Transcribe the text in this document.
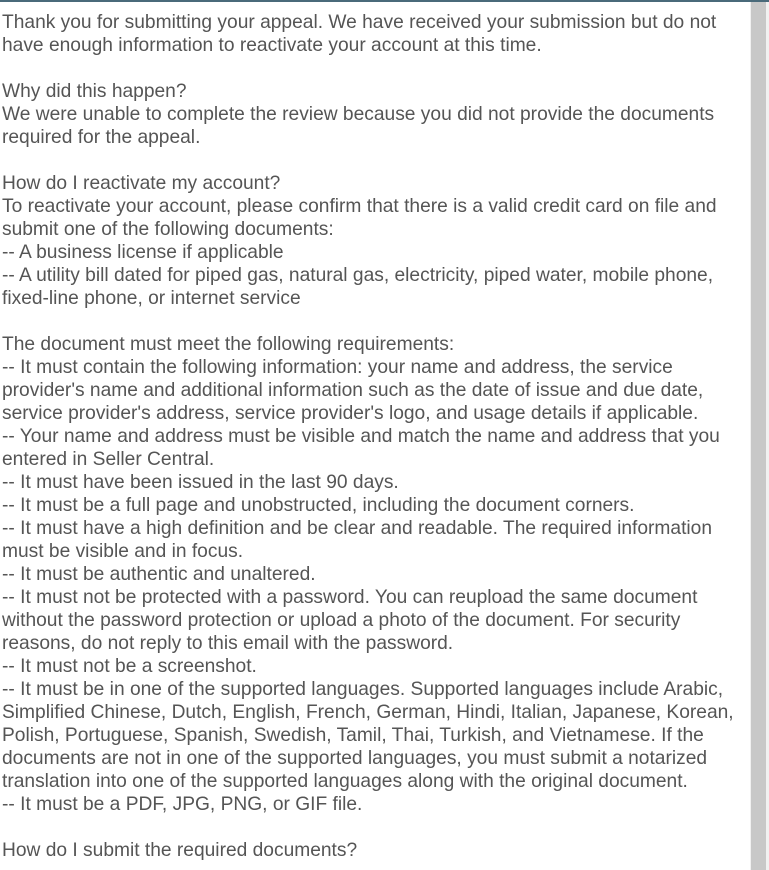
Thank you for submitting your appeal. We have received your submission but do not have enough information to reactivate your account at this time.

Why did this happen?
We were unable to complete the review because you did not provide the documents required for the appeal.

How do I reactivate my account?
To reactivate your account, please confirm that there is a valid credit card on file and submit one of the following documents:
-- A business license if applicable
-- A utility bill dated for piped gas, natural gas, electricity, piped water, mobile phone, fixed-line phone, or internet service

The document must meet the following requirements:
-- It must contain the following information: your name and address, the service provider's name and additional information such as the date of issue and due date, service provider's address, service provider's logo, and usage details if applicable.
-- Your name and address must be visible and match the name and address that you entered in Seller Central.
-- It must have been issued in the last 90 days.
-- It must be a full page and unobstructed, including the document corners.
-- It must have a high definition and be clear and readable. The required information must be visible and in focus.
-- It must be authentic and unaltered.
-- It must not be protected with a password. You can reupload the same document without the password protection or upload a photo of the document. For security reasons, do not reply to this email with the password.
-- It must not be a screenshot.
-- It must be in one of the supported languages. Supported languages include Arabic, Simplified Chinese, Dutch, English, French, German, Hindi, Italian, Japanese, Korean, Polish, Portuguese, Spanish, Swedish, Tamil, Thai, Turkish, and Vietnamese. If the documents are not in one of the supported languages, you must submit a notarized translation into one of the supported languages along with the original document.
-- It must be a PDF, JPG, PNG, or GIF file.

How do I submit the required documents?
